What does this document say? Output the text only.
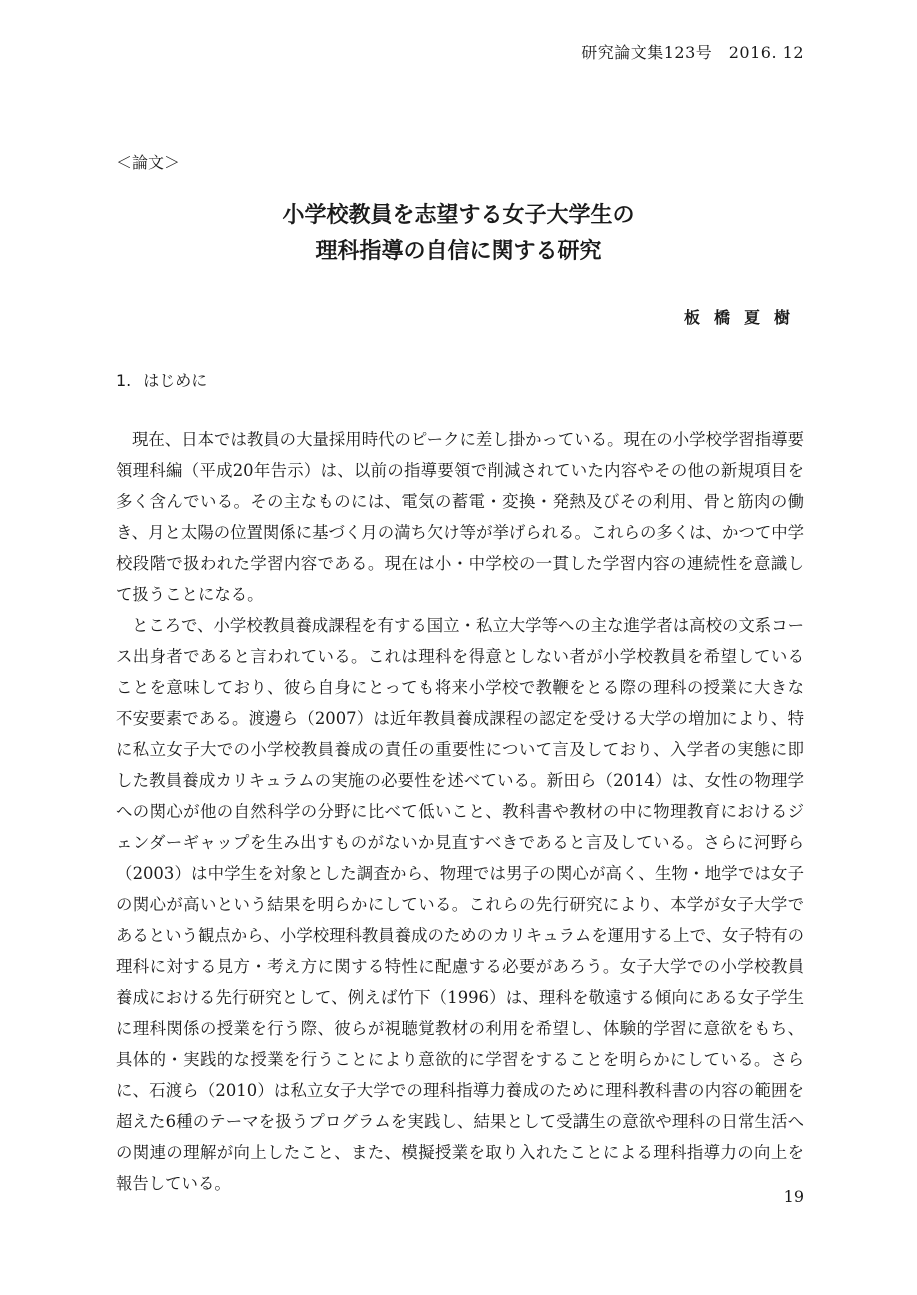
研究論文集123号　2016. 12
＜論文＞
小学校教員を志望する女子大学生の
理科指導の自信に関する研究
板橋夏樹
1. はじめに

現在、日本では教員の大量採用時代のピークに差し掛かっている。現在の小学校学習指導要領理科編（平成20年告示）は、以前の指導要領で削減されていた内容やその他の新規項目を多く含んでいる。その主なものには、電気の蓄電・変換・発熱及びその利用、骨と筋肉の働き、月と太陽の位置関係に基づく月の満ち欠け等が挙げられる。これらの多くは、かつて中学校段階で扱われた学習内容である。現在は小・中学校の一貫した学習内容の連続性を意識して扱うことになる。

ところで、小学校教員養成課程を有する国立・私立大学等への主な進学者は高校の文系コース出身者であると言われている。これは理科を得意としない者が小学校教員を希望していることを意味しており、彼ら自身にとっても将来小学校で教鞭をとる際の理科の授業に大きな不安要素である。渡邊ら（2007）は近年教員養成課程の認定を受ける大学の増加により、特に私立女子大での小学校教員養成の責任の重要性について言及しており、入学者の実態に即した教員養成カリキュラムの実施の必要性を述べている。新田ら（2014）は、女性の物理学への関心が他の自然科学の分野に比べて低いこと、教科書や教材の中に物理教育におけるジェンダーギャップを生み出すものがないか見直すべきであると言及している。さらに河野ら（2003）は中学生を対象とした調査から、物理では男子の関心が高く、生物・地学では女子の関心が高いという結果を明らかにしている。これらの先行研究により、本学が女子大学であるという観点から、小学校理科教員養成のためのカリキュラムを運用する上で、女子特有の理科に対する見方・考え方に関する特性に配慮する必要があろう。女子大学での小学校教員養成における先行研究として、例えば竹下（1996）は、理科を敬遠する傾向にある女子学生に理科関係の授業を行う際、彼らが視聴覚教材の利用を希望し、体験的学習に意欲をもち、具体的・実践的な授業を行うことにより意欲的に学習をすることを明らかにしている。さらに、石渡ら（2010）は私立女子大学での理科指導力養成のために理科教科書の内容の範囲を超えた6種のテーマを扱うプログラムを実践し、結果として受講生の意欲や理科の日常生活への関連の理解が向上したこと、また、模擬授業を取り入れたことによる理科指導力の向上を報告している。

19
